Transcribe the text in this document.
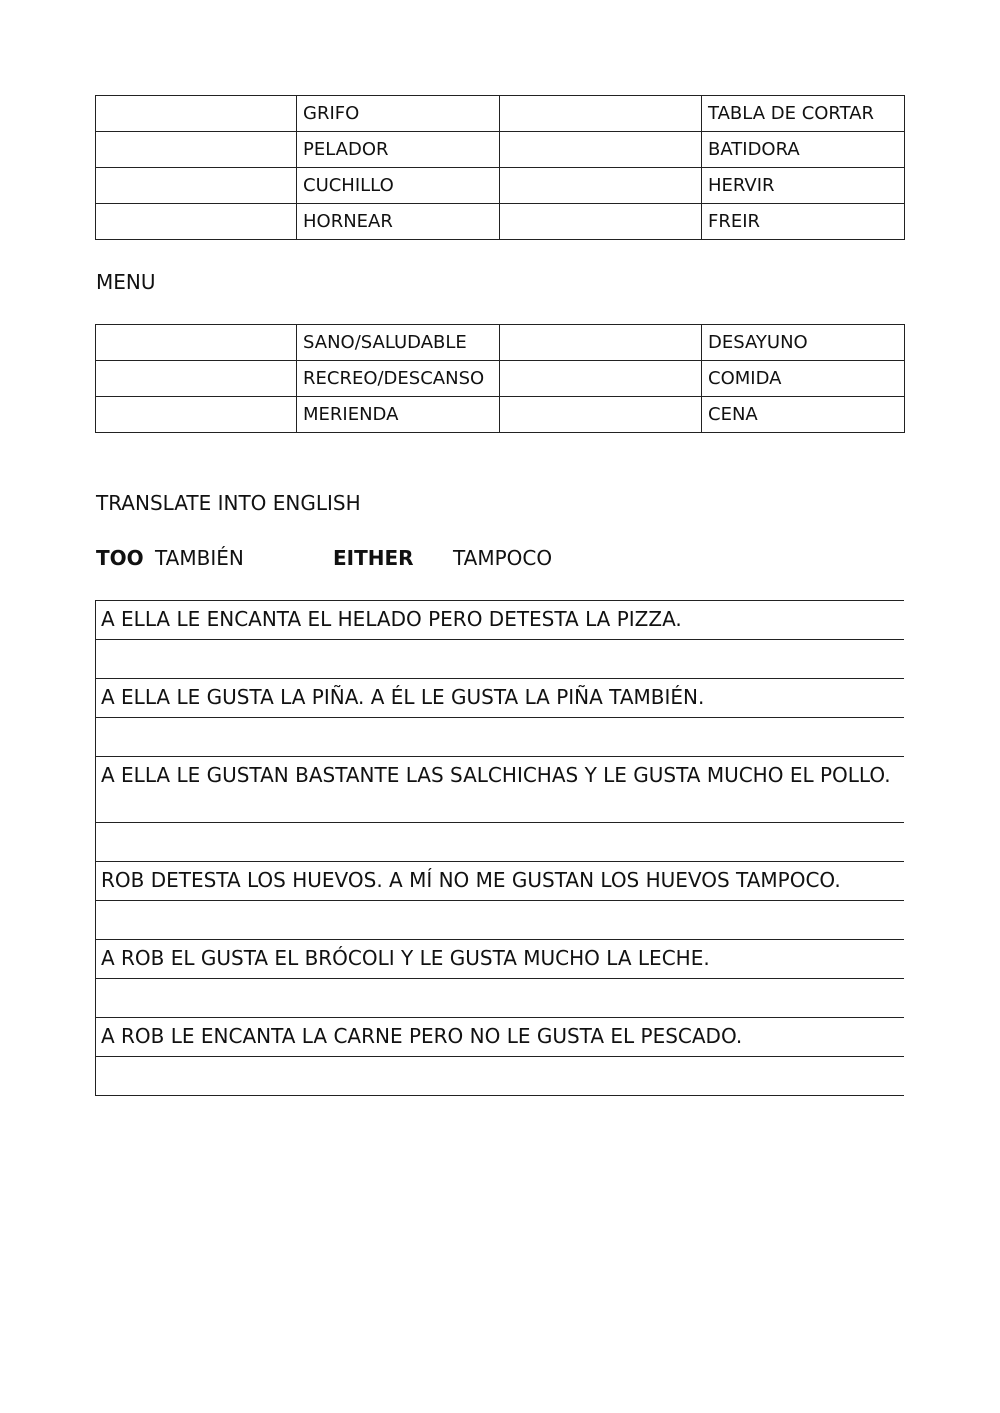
	GRIFO		TABLA DE CORTAR
	PELADOR		BATIDORA
	CUCHILLO		HERVIR
	HORNEAR		FREIR
MENU
	SANO/SALUDABLE		DESAYUNO
	RECREO/DESCANSO		COMIDA
	MERIENDA		CENA
TRANSLATE INTO ENGLISH
TOO TAMBIÉN	EITHER TAMPOCO
A ELLA LE ENCANTA EL HELADO PERO DETESTA LA PIZZA.

A ELLA LE GUSTA LA PIÑA. A ÉL LE GUSTA LA PIÑA TAMBIÉN.

A ELLA LE GUSTAN BASTANTE LAS SALCHICHAS Y LE GUSTA MUCHO EL POLLO.

ROB DETESTA LOS HUEVOS. A MÍ NO ME GUSTAN LOS HUEVOS TAMPOCO.

A ROB EL GUSTA EL BRÓCOLI Y LE GUSTA MUCHO LA LECHE.

A ROB LE ENCANTA LA CARNE PERO NO LE GUSTA EL PESCADO.
